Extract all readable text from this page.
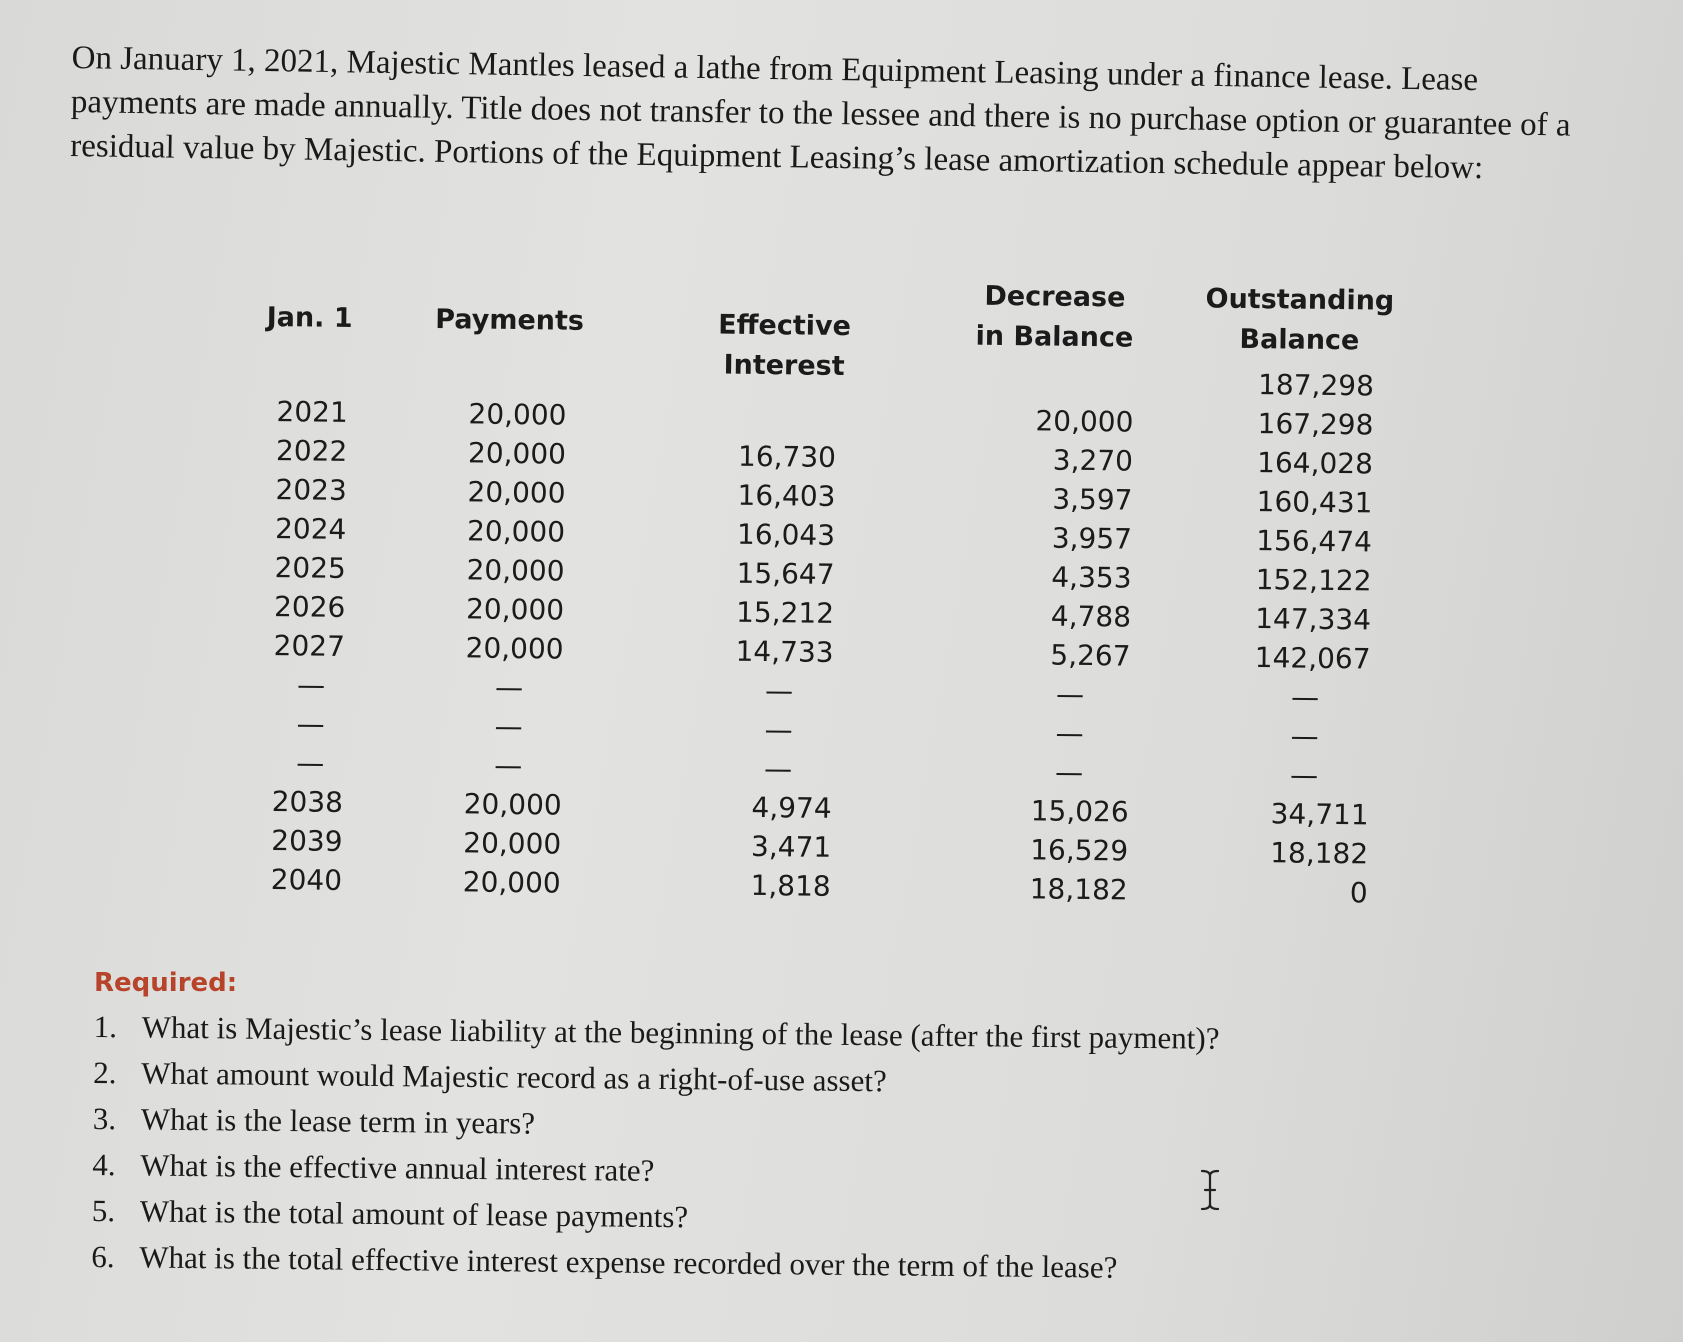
On January 1, 2021, Majestic Mantles leased a lathe from Equipment Leasing under a finance lease. Lease payments are made annually. Title does not transfer to the lessee and there is no purchase option or guarantee of a residual value by Majestic. Portions of the Equipment Leasing’s lease amortization schedule appear below:
Jan. 1	Payments	Effective Interest
Decrease
in Balance
Outstanding
Balance
2021
2022
2023
2024
2025
2026
2027
—
—
—
2038
2039
2040
20,000
20,000
20,000
20,000
20,000
20,000
20,000
—
—
—
20,000
20,000
20,000
16,730
16,403
16,043
15,647
15,212
14,733
—
—
—
4,974
3,471
1,818
20,000
3,270
3,597
3,957
4,353
4,788
5,267
—
—
—
15,026
16,529
18,182
187,298
167,298
164,028
160,431
156,474
152,122
147,334
142,067
—
—
—
34,711
18,182
0
Required:
1. What is Majestic’s lease liability at the beginning of the lease (after the first payment)?
2. What amount would Majestic record as a right-of-use asset?
3. What is the lease term in years?
4. What is the effective annual interest rate?
5. What is the total amount of lease payments?
6. What is the total effective interest expense recorded over the term of the lease?
